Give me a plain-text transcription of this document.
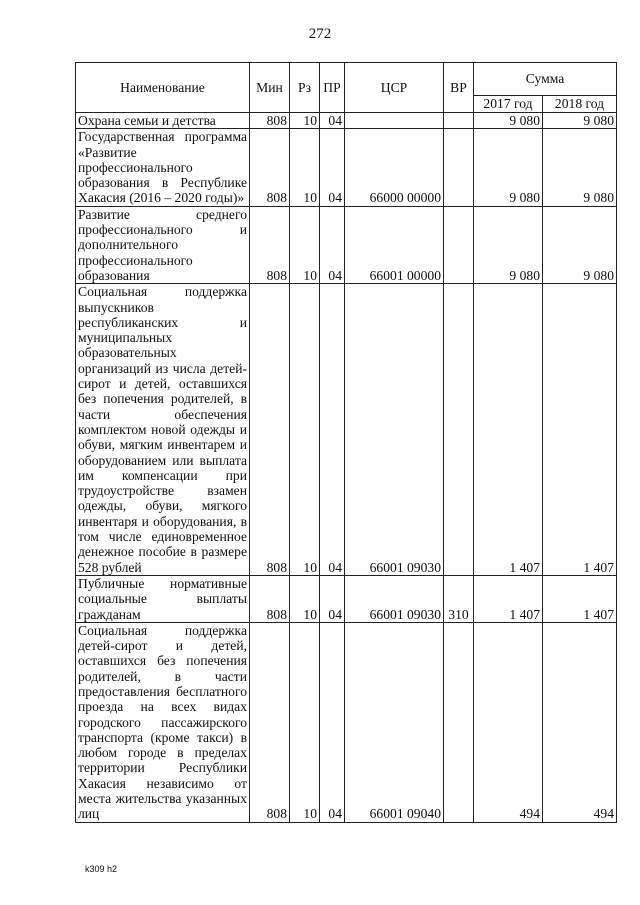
272
Наименование	Мин	Рз	ПР	ЦСР	ВР	Сумма	
						2017 год	2018 год
Охрана семьи и детства	808	10	04			9 080	9 080
Государственная программа «Развитие профессионального образования в Республике Хакасия (2016 – 2020 годы)»	808	10	04	66000 00000		9 080	9 080
Развитие среднего профессионального и дополнительного профессионального образования	808	10	04	66001 00000		9 080	9 080
Социальная поддержка выпускников республиканских и муниципальных образовательных организаций из числа детей-сирот и детей, оставшихся без попечения родителей, в части обеспечения комплектом новой одежды и обуви, мягким инвентарем и оборудованием или выплата им компенсации при трудоустройстве взамен одежды, обуви, мягкого инвентаря и оборудования, в том числе единовременное денежное пособие в размере 528 рублей	808	10	04	66001 09030		1 407	1 407
Публичные нормативные социальные выплаты гражданам	808	10	04	66001 09030	310	1 407	1 407
Социальная поддержка детей-сирот и детей, оставшихся без попечения родителей, в части предоставления бесплатного проезда на всех видах городского пассажирского транспорта (кроме такси) в любом городе в пределах территории Республики Хакасия независимо от места жительства указанных лиц	808	10	04	66001 09040		494	494
k309 h2
